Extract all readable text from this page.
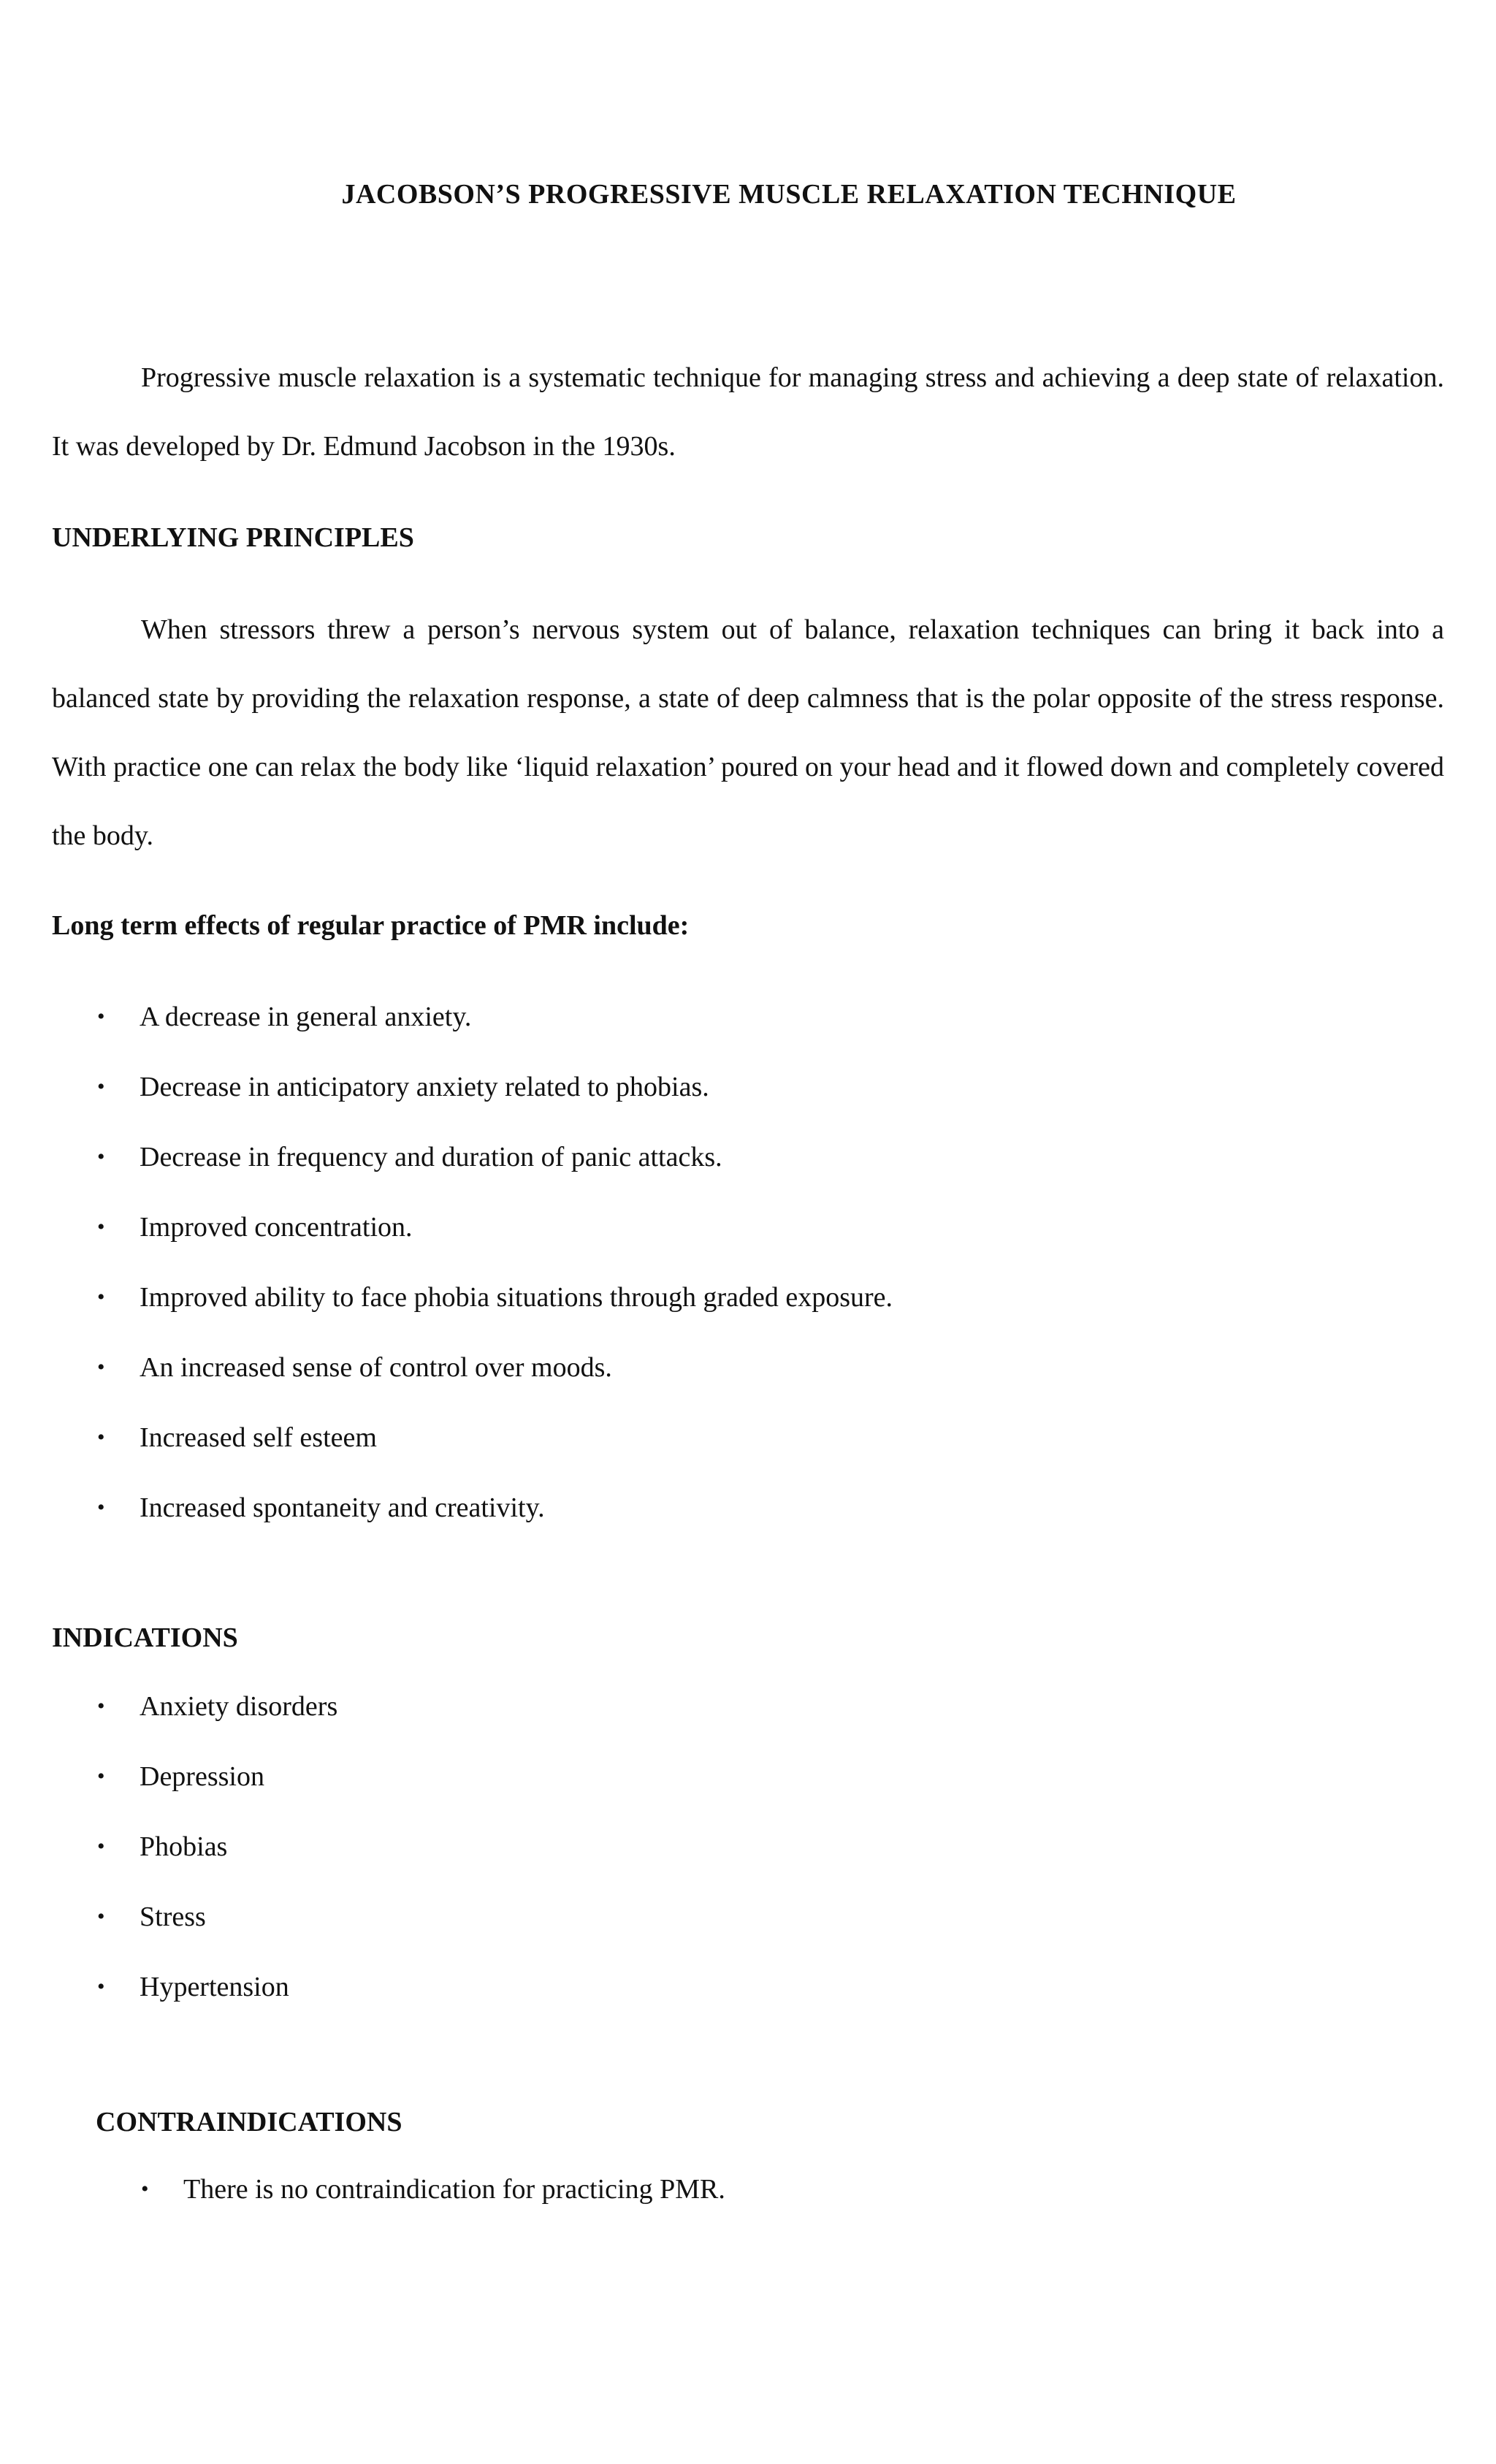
JACOBSON’S PROGRESSIVE MUSCLE RELAXATION TECHNIQUE

Progressive muscle relaxation is a systematic technique for managing stress and achieving a deep state of relaxation. It was developed by Dr. Edmund Jacobson in the 1930s.

UNDERLYING PRINCIPLES

When stressors threw a person’s nervous system out of balance, relaxation techniques can bring it back into a balanced state by providing the relaxation response, a state of deep calmness that is the polar opposite of the stress response. With practice one can relax the body like ‘liquid relaxation’ poured on your head and it flowed down and completely covered the body.

Long term effects of regular practice of PMR include:
• A decrease in general anxiety.
• Decrease in anticipatory anxiety related to phobias.
• Decrease in frequency and duration of panic attacks.
• Improved concentration.
• Improved ability to face phobia situations through graded exposure.
• An increased sense of control over moods.
• Increased self esteem
• Increased spontaneity and creativity.
INDICATIONS
• Anxiety disorders
• Depression
• Phobias
• Stress
• Hypertension
CONTRAINDICATIONS
• There is no contraindication for practicing PMR.
